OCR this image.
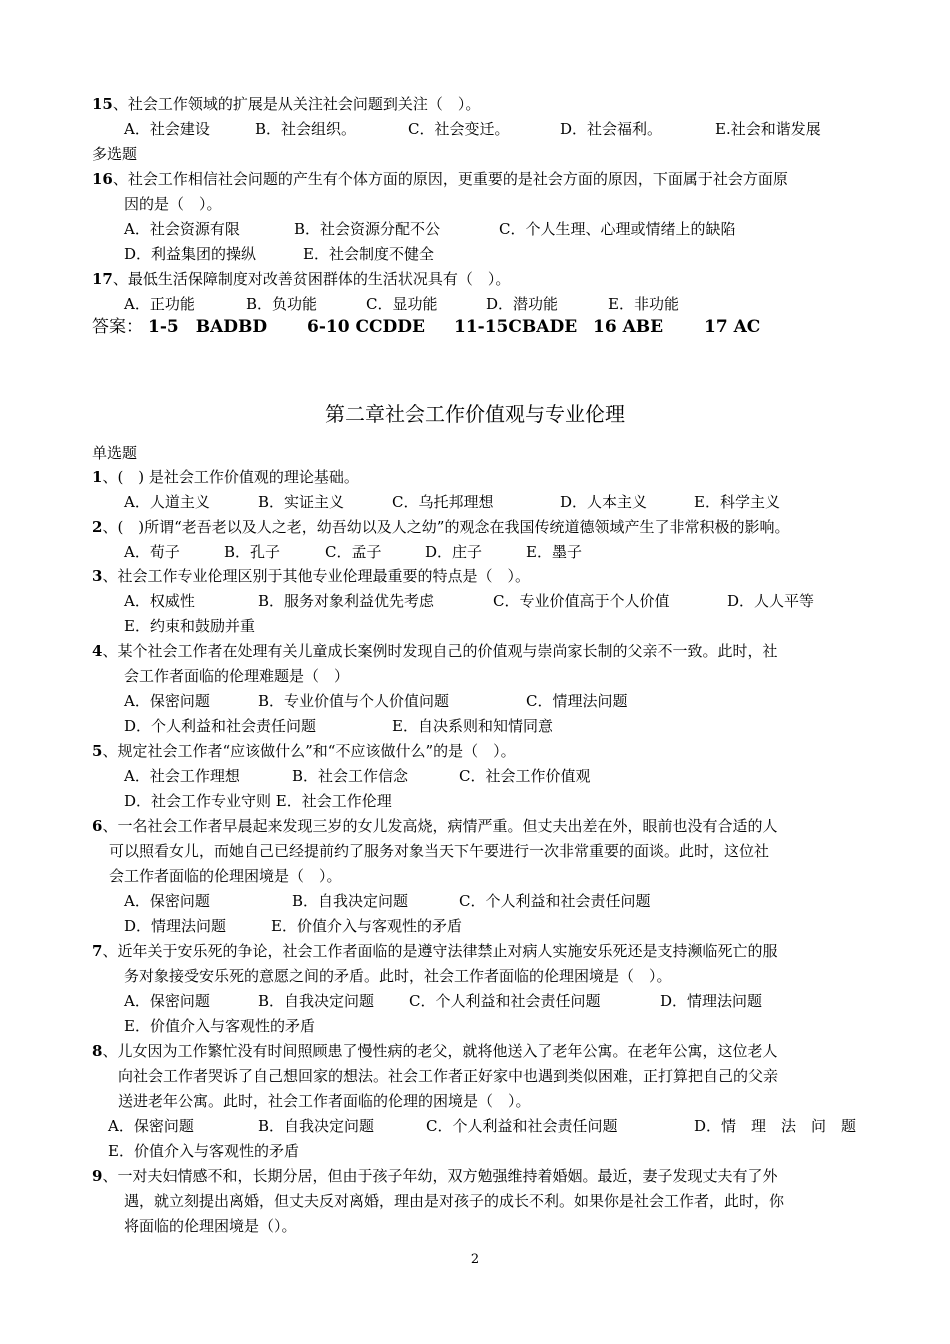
15、社会工作领域的扩展是从关注社会问题到关注（　）。
A．社会建设	B．社会组织。	C．社会变迁。	D．社会福利。	E.社会和谐发展
多选题
16、社会工作相信社会问题的产生有个体方面的原因，更重要的是社会方面的原因，下面属于社会方面原
因的是（　）。
A．社会资源有限	B．社会资源分配不公	C．个人生理、心理或情绪上的缺陷
D．利益集团的操纵	E．社会制度不健全
17、最低生活保障制度对改善贫困群体的生活状况具有（　）。
A．正功能	B．负功能	C．显功能	D．潜功能	E．非功能
答案： 1-5　BADBD 6-10 CCDDE 11-15CBADE 16 ABE 17 AC
第二章社会工作价值观与专业伦理
单选题
1、(　) 是社会工作价值观的理论基础。
A．人道主义	B．实证主义	C．乌托邦理想	D．人本主义	E．科学主义
2、(　)所谓“老吾老以及人之老，幼吾幼以及人之幼”的观念在我国传统道德领域产生了非常积极的影响。
A．荀子	B．孔子	C．孟子	D．庄子	E．墨子
3、社会工作专业伦理区别于其他专业伦理最重要的特点是（　）。
A．权威性	B．服务对象利益优先考虑	C．专业价值高于个人价值	D．人人平等
E．约束和鼓励并重
4、某个社会工作者在处理有关儿童成长案例时发现自己的价值观与崇尚家长制的父亲不一致。此时，社
会工作者面临的伦理难题是（　）
A．保密问题	B．专业价值与个人价值问题	C．情理法问题
D．个人利益和社会责任问题	E．自决系则和知情同意
5、规定社会工作者“应该做什么”和“不应该做什么”的是（　）。
A．社会工作理想	B．社会工作信念	C．社会工作价值观
D．社会工作专业守则 E．社会工作伦理
6、一名社会工作者早晨起来发现三岁的女儿发高烧，病情严重。但丈夫出差在外，眼前也没有合适的人
可以照看女儿，而她自己已经提前约了服务对象当天下午要进行一次非常重要的面谈。此时，这位社
会工作者面临的伦理困境是（　）。
A．保密问题	B．自我决定问题	C．个人利益和社会责任问题
D．情理法问题	E．价值介入与客观性的矛盾
7、近年关于安乐死的争论，社会工作者面临的是遵守法律禁止对病人实施安乐死还是支持濒临死亡的服
务对象接受安乐死的意愿之间的矛盾。此时，社会工作者面临的伦理困境是（　）。
A．保密问题	B．自我决定问题 C．个人利益和社会责任问题	D．情理法问题
E．价值介入与客观性的矛盾
8、儿女因为工作繁忙没有时间照顾患了慢性病的老父，就将他送入了老年公寓。在老年公寓，这位老人
向社会工作者哭诉了自己想回家的想法。社会工作者正好家中也遇到类似困难，正打算把自己的父亲
送进老年公寓。此时，社会工作者面临的伦理的困境是（　）。
A．保密问题	B．自我决定问题	C．个人利益和社会责任问题	D．情　理　法　问　题
E．价值介入与客观性的矛盾
9、一对夫妇情感不和，长期分居，但由于孩子年幼，双方勉强维持着婚姻。最近，妻子发现丈夫有了外
遇，就立刻提出离婚，但丈夫反对离婚，理由是对孩子的成长不利。如果你是社会工作者，此时，你
将面临的伦理困境是（）。
2
